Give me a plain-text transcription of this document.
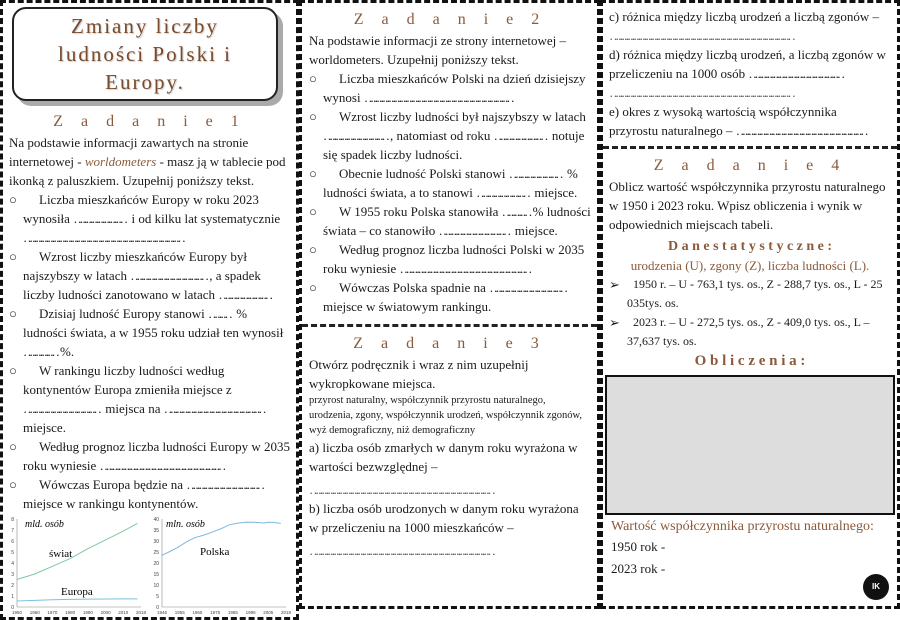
Zmiany liczby
ludności Polski i
Europy.
Z a d a n i e 1
Na podstawie informacji zawartych na stronie internetowej - worldometers - masz ją w tablecie pod ikonką z paluszkiem. Uzupełnij poniższy tekst.
○	Liczba mieszkańców Europy w roku 2023 wynosiła …………………… i od kilku lat systematycznie ……………………………………………………………………
○	Wzrost liczby mieszkańców Europy był najszybszy w latach ……………………………… , a spadek liczby ludności zanotowano w latach ……………………
○	Dzisiaj ludność Europy stanowi ……… % ludności świata, a w 1955 roku udział ten wynosił …………… %.
○	W rankingu liczby ludności według kontynentów Europa zmieniła miejsce z ……………………………… miejsca na ………………………………………… miejsce.
○	Według prognoz liczba ludności Europy w 2035 roku wyniesie ……………………………………………………
○	Wówczas Europa będzie na ……………………………… miejsce w rankingu kontynentów.
0
1
2
3
4
5
6
7
8
1950 1960 1970 1980 1990 2000 2010 2018
mld. osób
świat
Europa
0
5
10
15
20
25
30
35
40
1946 1955 1965 1975 1985 1995 2005 2018
mln. osób
Polska
Z a d a n i e 2
Na podstawie informacji ze strony internetowej – worldometers. Uzupełnij poniższy tekst.
○	Liczba mieszkańców Polski na dzień dzisiejszy wynosi ………………………………………………………………
○	Wzrost liczby ludności był najszybszy w latach ………………………… , natomiast od roku …………………… notuje się spadek liczby ludności.
○	Obecnie ludność Polski stanowi …………………… % ludności świata, a to stanowi …………………… miejsce.
○	W 1955 roku Polska stanowiła ………… % ludności świata – co stanowiło …………………………… miejsce.
○	Według prognoz liczba ludności Polski w 2035 roku wyniesie ………………………………………………………
○	Wówczas Polska spadnie na ……………………………… miejsce w światowym rankingu.
Z a d a n i e 3
Otwórz podręcznik i wraz z nim uzupełnij wykropkowane miejsca.
przyrost naturalny, współczynnik przyrostu naturalnego, urodzenia, zgony, współczynnik urodzeń, współczynnik zgonów, wyż demograficzny, niż demograficzny
a) liczba osób zmarłych w danym roku wyrażona w wartości bezwzględnej –
………………………………………………………………………………
b) liczba osób urodzonych w danym roku wyrażona w przeliczeniu na 1000 mieszkańców –
………………………………………………………………………………
c) różnica między liczbą urodzeń a liczbą zgonów –
………………………………………………………………………………
d) różnica między liczbą urodzeń, a liczbą zgonów w przeliczeniu na 1000 osób ………………………………………
………………………………………………………………………………
e) okres z wysoką wartością współczynnika przyrostu naturalnego – ………………………………………………………
Z a d a n i e 4
Oblicz wartość współczynnika przyrostu naturalnego w 1950 i 2023 roku. Wpisz obliczenia i wynik w odpowiednich miejscach tabeli.
D a n e s t a t y s t y c z n e :
urodzenia (U), zgony (Z), liczba ludności (L).
➢	1950 r. – U - 763,1 tys. os., Z - 288,7 tys. os., L - 25 035tys. os.
➢	2023 r. – U - 272,5 tys. os., Z - 409,0 tys. os., L – 37,637 tys. os.
O b l i c z e n i a :
Wartość współczynnika przyrostu naturalnego:
1950 rok -
2023 rok -
IK
